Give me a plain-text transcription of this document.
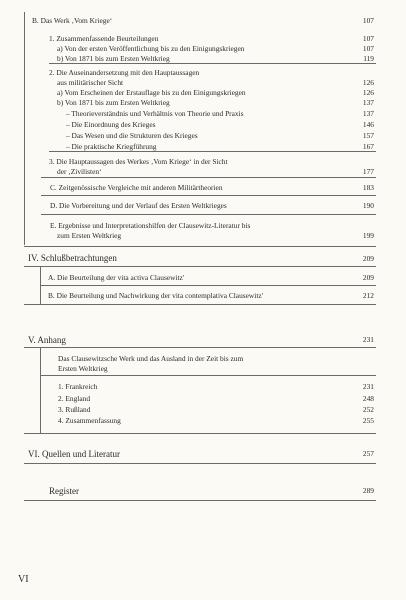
B. Das Werk ‚Vom Kriege‘	107
1. Zusammenfassende Beurteilungen	107
a) Von der ersten Veröffentlichung bis zu den Einigungskriegen	107
b) Von 1871 bis zum Ersten Weltkrieg	119
2. Die Auseinandersetzung mit den Hauptaussagen
aus militärischer Sicht	126
a) Vom Erscheinen der Erstauflage bis zu den Einigungskriegen	126
b) Von 1871 bis zum Ersten Weltkrieg	137
– Theorieverständnis und Verhältnis von Theorie und Praxis	137
– Die Einordnung des Krieges	146
– Das Wesen und die Strukturen des Krieges	157
– Die praktische Kriegführung	167
3. Die Hauptaussagen des Werkes ‚Vom Kriege‘ in der Sicht
der ‚Zivilisten‘	177
C. Zeitgenössische Vergleiche mit anderen Militärtheorien	183
D. Die Vorbereitung und der Verlauf des Ersten Weltkrieges	190
E. Ergebnisse und Interpretationshilfen der Clausewitz-Literatur bis
zum Ersten Weltkrieg	199
IV. Schlußbetrachtungen	209
A. Die Beurteilung der vita activa Clausewitz'	209
B. Die Beurteilung und Nachwirkung der vita contemplativa Clausewitz'	212
V. Anhang	231
Das Clausewitzsche Werk und das Ausland in der Zeit bis zum
Ersten Weltkrieg
1. Frankreich	231
2. England	248
3. Rußland	252
4. Zusammenfassung	255
VI. Quellen und Literatur	257
Register	289
VI
